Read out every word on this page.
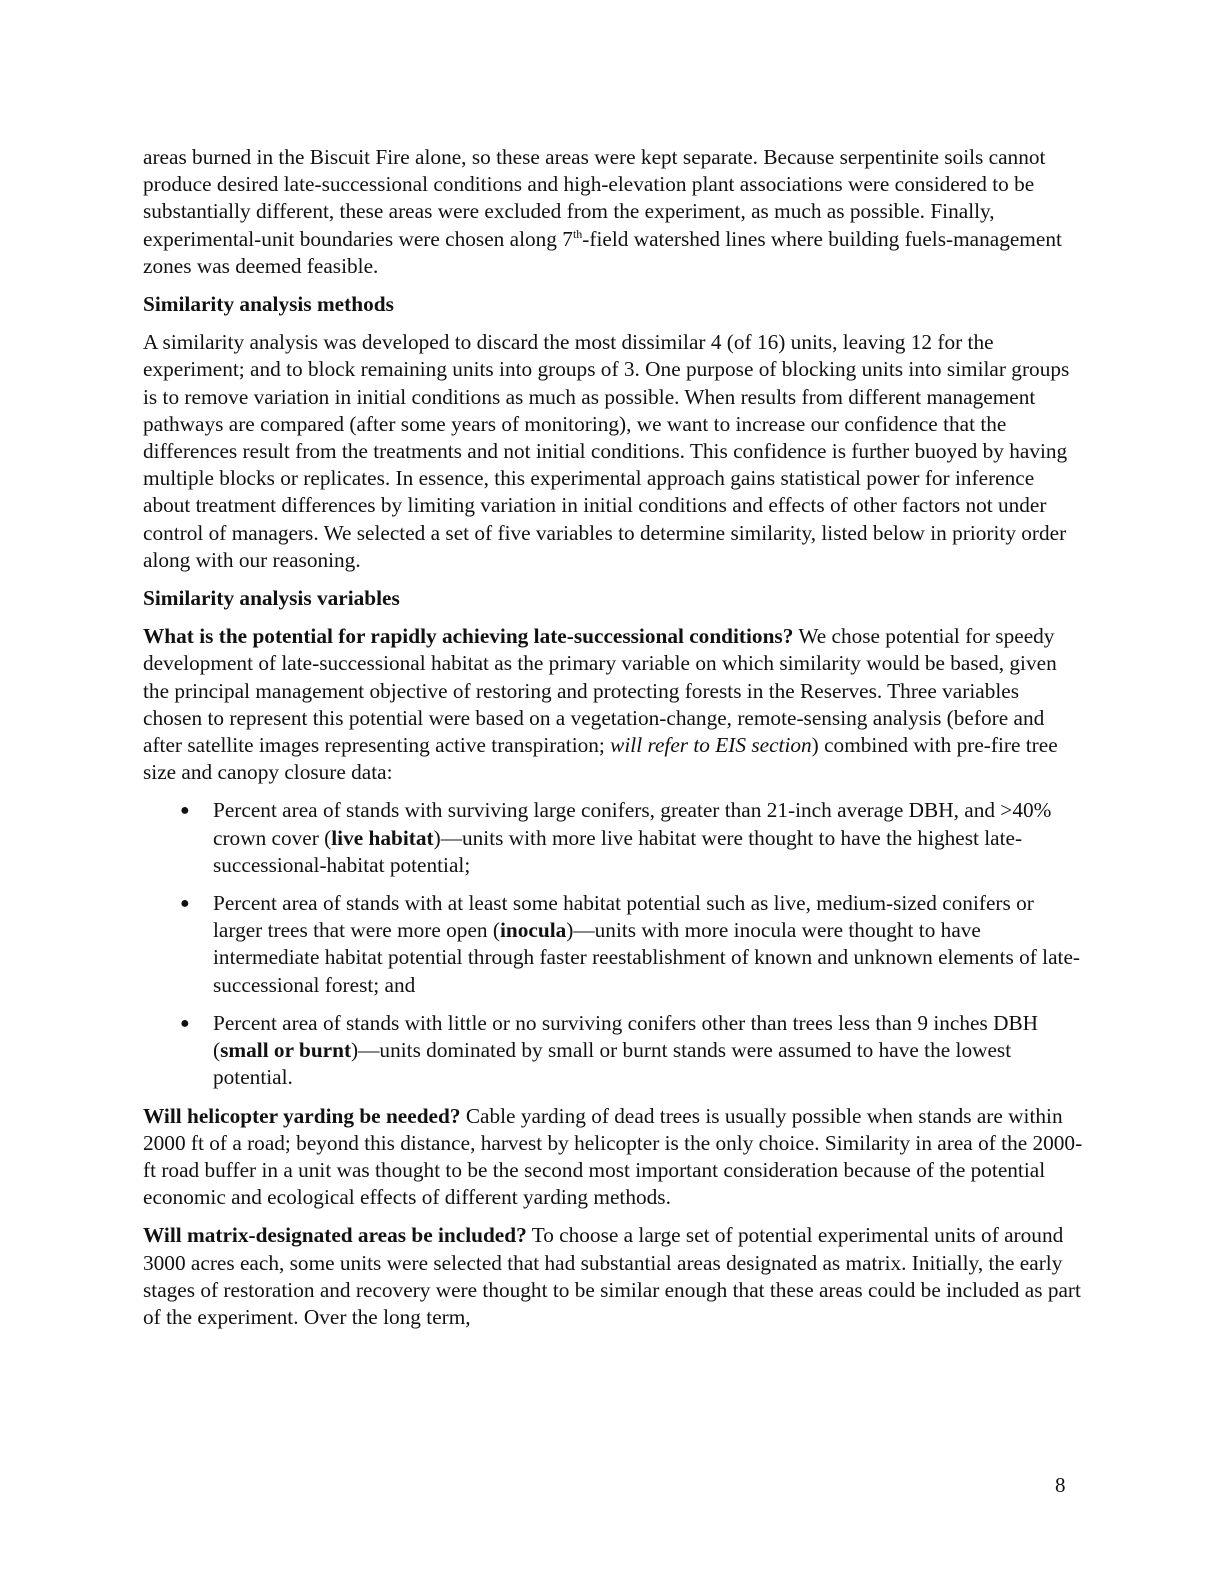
areas burned in the Biscuit Fire alone, so these areas were kept separate. Because serpentinite soils cannot produce desired late-successional conditions and high-elevation plant associations were considered to be substantially different, these areas were excluded from the experiment, as much as possible. Finally, experimental-unit boundaries were chosen along 7th-field watershed lines where building fuels-management zones was deemed feasible.

Similarity analysis methods

A similarity analysis was developed to discard the most dissimilar 4 (of 16) units, leaving 12 for the experiment; and to block remaining units into groups of 3. One purpose of blocking units into similar groups is to remove variation in initial conditions as much as possible. When results from different management pathways are compared (after some years of monitoring), we want to increase our confidence that the differences result from the treatments and not initial conditions. This confidence is further buoyed by having multiple blocks or replicates. In essence, this experimental approach gains statistical power for inference about treatment differences by limiting variation in initial conditions and effects of other factors not under control of managers. We selected a set of five variables to determine similarity, listed below in priority order along with our reasoning.

Similarity analysis variables

What is the potential for rapidly achieving late-successional conditions? We chose potential for speedy development of late-successional habitat as the primary variable on which similarity would be based, given the principal management objective of restoring and protecting forests in the Reserves. Three variables chosen to represent this potential were based on a vegetation-change, remote-sensing analysis (before and after satellite images representing active transpiration; will refer to EIS section) combined with pre-fire tree size and canopy closure data:

● Percent area of stands with surviving large conifers, greater than 21-inch average DBH, and >40% crown cover (live habitat)—units with more live habitat were thought to have the highest late-successional-habitat potential;
● Percent area of stands with at least some habitat potential such as live, medium-sized conifers or larger trees that were more open (inocula)—units with more inocula were thought to have intermediate habitat potential through faster reestablishment of known and unknown elements of late-successional forest; and
● Percent area of stands with little or no surviving conifers other than trees less than 9 inches DBH (small or burnt)—units dominated by small or burnt stands were assumed to have the lowest potential.

Will helicopter yarding be needed? Cable yarding of dead trees is usually possible when stands are within 2000 ft of a road; beyond this distance, harvest by helicopter is the only choice. Similarity in area of the 2000-ft road buffer in a unit was thought to be the second most important consideration because of the potential economic and ecological effects of different yarding methods.

Will matrix-designated areas be included? To choose a large set of potential experimental units of around 3000 acres each, some units were selected that had substantial areas designated as matrix. Initially, the early stages of restoration and recovery were thought to be similar enough that these areas could be included as part of the experiment. Over the long term,

8
